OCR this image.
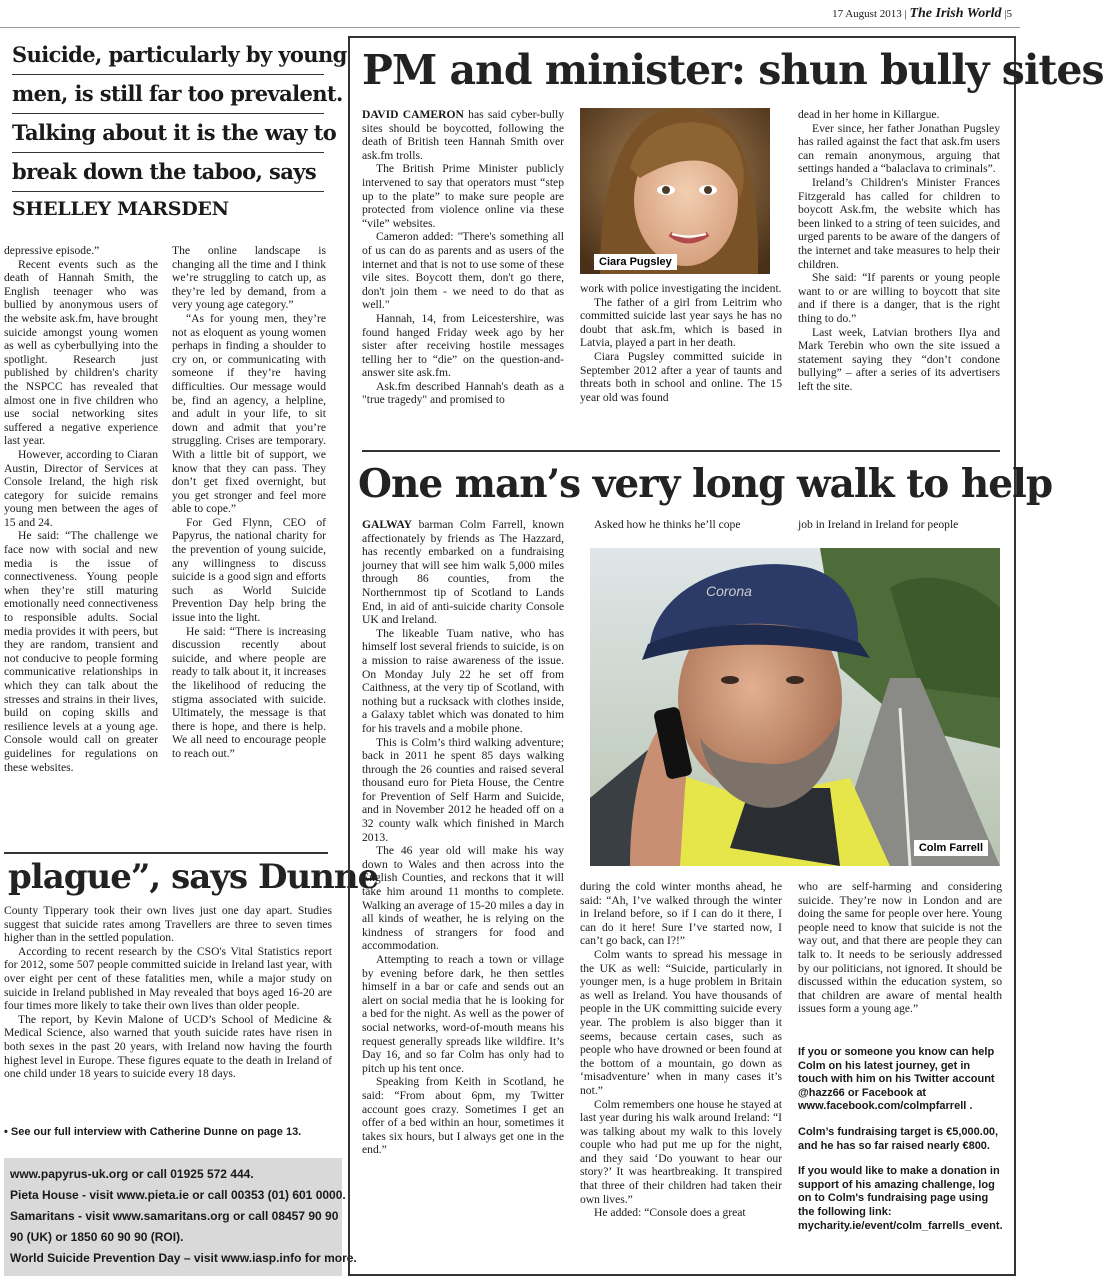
17 August 2013 | The Irish World |5
Suicide, particularly by young
men, is still far too prevalent.
Talking about it is the way to
break down the taboo, says
SHELLEY MARSDEN

depressive episode.”

Recent events such as the death of Hannah Smith, the English teenager who was bullied by anonymous users of the website ask.fm, have brought suicide amongst young women as well as cyberbullying into the spotlight. Research just published by children's charity the NSPCC has revealed that almost one in five children who use social networking sites suffered a negative experience last year.

However, according to Ciaran Austin, Director of Services at Console Ireland, the high risk category for suicide remains young men between the ages of 15 and 24.

He said: “The challenge we face now with social and new media is the issue of connectiveness. Young people when they’re still maturing emotionally need connectiveness to responsible adults. Social media provides it with peers, but they are random, transient and not conducive to people forming communicative relationships in which they can talk about the stresses and strains in their lives, build on coping skills and resilience levels at a young age. Console would call on greater guidelines for regulations on these websites.

The online landscape is changing all the time and I think we’re struggling to catch up, as they’re led by demand, from a very young age category.”

“As for young men, they’re not as eloquent as young women perhaps in finding a shoulder to cry on, or communicating with someone if they’re having difficulties. Our message would be, find an agency, a helpline, and adult in your life, to sit down and admit that you’re struggling. Crises are temporary. With a little bit of support, we know that they can pass. They don’t get fixed overnight, but you get stronger and feel more able to cope.”

For Ged Flynn, CEO of Papyrus, the national charity for the prevention of young suicide, any willingness to discuss suicide is a good sign and efforts such as World Suicide Prevention Day help bring the issue into the light.

He said: “There is increasing discussion recently about suicide, and where people are ready to talk about it, it increases the likelihood of reducing the stigma associated with suicide. Ultimately, the message is that there is hope, and there is help. We all need to encourage people to reach out.”

plague”, says Dunne

County Tipperary took their own lives just one day apart. Studies suggest that suicide rates among Travellers are three to seven times higher than in the settled population.

According to recent research by the CSO's Vital Statistics report for 2012, some 507 people committed suicide in Ireland last year, with over eight per cent of these fatalities men, while a major study on suicide in Ireland published in May revealed that boys aged 16-20 are four times more likely to take their own lives than older people.

The report, by Kevin Malone of UCD’s School of Medicine & Medical Science, also warned that youth suicide rates have risen in both sexes in the past 20 years, with Ireland now having the fourth highest level in Europe. These figures equate to the death in Ireland of one child under 18 years to suicide every 18 days.

• See our full interview with Catherine Dunne on page 13.
www.papyrus-uk.org or call 01925 572 444.
Pieta House - visit www.pieta.ie or call 00353 (01) 601 0000.
Samaritans - visit www.samaritans.org or call 08457 90 90
90 (UK) or 1850 60 90 90 (ROI).
World Suicide Prevention Day – visit www.iasp.info for more.
PM and minister: shun bully sites

DAVID CAMERON has said cyber-bully sites should be boycotted, following the death of British teen Hannah Smith over ask.fm trolls.

The British Prime Minister publicly intervened to say that operators must “step up to the plate” to make sure people are protected from violence online via these “vile” websites.

Cameron added: "There's something all of us can do as parents and as users of the internet and that is not to use some of these vile sites. Boycott them, don't go there, don't join them - we need to do that as well."

Hannah, 14, from Leicestershire, was found hanged Friday week ago by her sister after receiving hostile messages telling her to “die” on the question-and-answer site ask.fm.

Ask.fm described Hannah's death as a "true tragedy" and promised to

Ciara Pugsley

work with police investigating the incident.

The father of a girl from Leitrim who committed suicide last year says he has no doubt that ask.fm, which is based in Latvia, played a part in her death.

Ciara Pugsley committed suicide in September 2012 after a year of taunts and threats both in school and online. The 15 year old was found

dead in her home in Killargue.

Ever since, her father Jonathan Pugsley has railed against the fact that ask.fm users can remain anonymous, arguing that settings handed a “balaclava to criminals”.

Ireland’s Children's Minister Frances Fitzgerald has called for children to boycott Ask.fm, the website which has been linked to a string of teen suicides, and urged parents to be aware of the dangers of the internet and take measures to help their children.

She said: “If parents or young people want to or are willing to boycott that site and if there is a danger, that is the right thing to do.”

Last week, Latvian brothers Ilya and Mark Terebin who own the site issued a statement saying they “don’t condone bullying” – after a series of its advertisers left the site.

One man’s very long walk to help

GALWAY barman Colm Farrell, known affectionately by friends as The Hazzard, has recently embarked on a fundraising journey that will see him walk 5,000 miles through 86 counties, from the Northernmost tip of Scotland to Lands End, in aid of anti-suicide charity Console UK and Ireland.

The likeable Tuam native, who has himself lost several friends to suicide, is on a mission to raise awareness of the issue. On Monday July 22 he set off from Caithness, at the very tip of Scotland, with nothing but a rucksack with clothes inside, a Galaxy tablet which was donated to him for his travels and a mobile phone.

This is Colm’s third walking adventure; back in 2011 he spent 85 days walking through the 26 counties and raised several thousand euro for Pieta House, the Centre for Prevention of Self Harm and Suicide, and in November 2012 he headed off on a 32 county walk which finished in March 2013.

The 46 year old will make his way down to Wales and then across into the English Counties, and reckons that it will take him around 11 months to complete. Walking an average of 15-20 miles a day in all kinds of weather, he is relying on the kindness of strangers for food and accommodation.

Attempting to reach a town or village by evening before dark, he then settles himself in a bar or cafe and sends out an alert on social media that he is looking for a bed for the night. As well as the power of social networks, word-of-mouth means his request generally spreads like wildfire. It’s Day 16, and so far Colm has only had to pitch up his tent once.

Speaking from Keith in Scotland, he said: “From about 6pm, my Twitter account goes crazy. Sometimes I get an offer of a bed within an hour, sometimes it takes six hours, but I always get one in the end.”

Asked how he thinks he’ll cope	job in Ireland in Ireland for people

Corona
Colm Farrell

during the cold winter months ahead, he said: “Ah, I’ve walked through the winter in Ireland before, so if I can do it there, I can do it here! Sure I’ve started now, I can’t go back, can I?!”

Colm wants to spread his message in the UK as well: “Suicide, particularly in younger men, is a huge problem in Britain as well as Ireland. You have thousands of people in the UK committing suicide every year. The problem is also bigger than it seems, because certain cases, such as people who have drowned or been found at the bottom of a mountain, go down as ‘misadventure’ when in many cases it’s not.”

Colm remembers one house he stayed at last year during his walk around Ireland: “I was talking about my walk to this lovely couple who had put me up for the night, and they said ‘Do youwant to hear our story?’ It was heartbreaking. It transpired that three of their children had taken their own lives.”

He added: “Console does a great

who are self-harming and considering suicide. They’re now in London and are doing the same for people over here. Young people need to know that suicide is not the way out, and that there are people they can talk to. It needs to be seriously addressed by our politicians, not ignored. It should be discussed within the education system, so that children are aware of mental health issues form a young age.”

If you or someone you know can help Colm on his latest journey, get in touch with him on his Twitter account @hazz66 or Facebook at www.facebook.com/colmpfarrell .
Colm’s fundraising target is €5,000.00, and he has so far raised nearly €800.
If you would like to make a donation in support of his amazing challenge, log on to Colm's fundraising page using the following link: mycharity.ie/event/colm_farrells_event.
